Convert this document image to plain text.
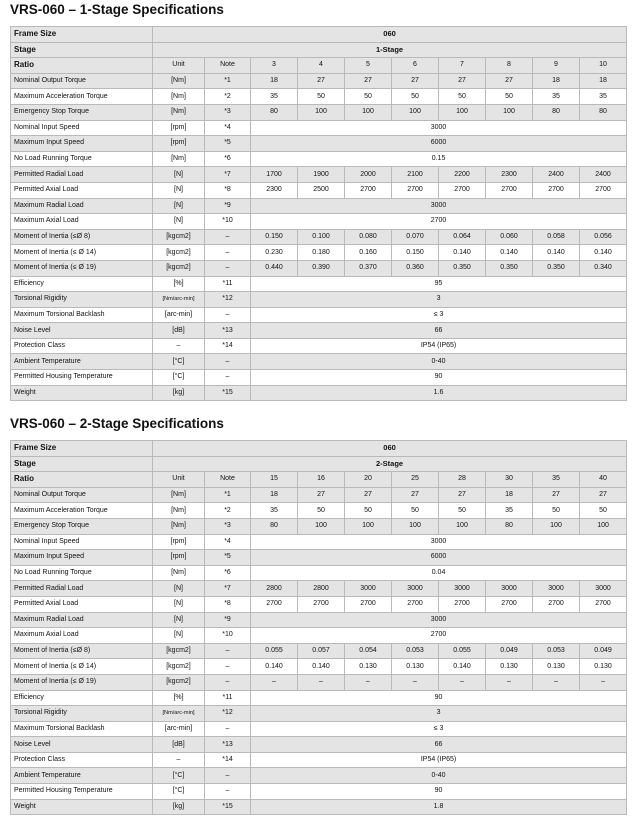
VRS-060 – 1-Stage Specifications
Frame Size	060									
Stage	1-Stage									
Ratio	Unit	Note	3	4	5	6	7	8	9	10
Nominal Output Torque	[Nm]	*1	18	27	27	27	27	27	18	18
Maximum Acceleration Torque	[Nm]	*2	35	50	50	50	50	50	35	35
Emergency Stop Torque	[Nm]	*3	80	100	100	100	100	100	80	80
Nominal Input Speed	[rpm]	*4	3000							
Maximum Input Speed	[rpm]	*5	6000							
No Load Running Torque	[Nm]	*6	0.15							
Permitted Radial Load	[N]	*7	1700	1900	2000	2100	2200	2300	2400	2400
Permitted Axial Load	[N]	*8	2300	2500	2700	2700	2700	2700	2700	2700
Maximum Radial Load	[N]	*9	3000							
Maximum Axial Load	[N]	*10	2700							
Moment of Inertia (≤Ø 8)	[kgcm2]	–	0.150	0.100	0.080	0.070	0.064	0.060	0.058	0.056
Moment of Inertia (≤ Ø 14)	[kgcm2]	–	0.230	0.180	0.160	0.150	0.140	0.140	0.140	0.140
Moment of Inertia (≤ Ø 19)	[kgcm2]	–	0.440	0.390	0.370	0.360	0.350	0.350	0.350	0.340
Efficiency	[%]	*11	95							
Torsional Rigidity	[Nm/arc-min]	*12	3							
Maximum Torsional Backlash	[arc-min]	–	≤ 3							
Noise Level	[dB]	*13	66							
Protection Class	–	*14	IP54 (IP65)							
Ambient Temperature	[°C]	–	0-40							
Permitted Housing Temperature	[°C]	–	90							
Weight	[kg]	*15	1.6							
VRS-060 – 2-Stage Specifications
Frame Size	060									
Stage	2-Stage									
Ratio	Unit	Note	15	16	20	25	28	30	35	40
Nominal Output Torque	[Nm]	*1	18	27	27	27	27	18	27	27
Maximum Acceleration Torque	[Nm]	*2	35	50	50	50	50	35	50	50
Emergency Stop Torque	[Nm]	*3	80	100	100	100	100	80	100	100
Nominal Input Speed	[rpm]	*4	3000							
Maximum Input Speed	[rpm]	*5	6000							
No Load Running Torque	[Nm]	*6	0.04							
Permitted Radial Load	[N]	*7	2800	2800	3000	3000	3000	3000	3000	3000
Permitted Axial Load	[N]	*8	2700	2700	2700	2700	2700	2700	2700	2700
Maximum Radial Load	[N]	*9	3000							
Maximum Axial Load	[N]	*10	2700							
Moment of Inertia (≤Ø 8)	[kgcm2]	–	0.055	0.057	0.054	0.053	0.055	0.049	0.053	0.049
Moment of Inertia (≤ Ø 14)	[kgcm2]	–	0.140	0.140	0.130	0.130	0.140	0.130	0.130	0.130
Moment of Inertia (≤ Ø 19)	[kgcm2]	–	–	–	–	–	–	–	–	–
Efficiency	[%]	*11	90							
Torsional Rigidity	[Nm/arc-min]	*12	3							
Maximum Torsional Backlash	[arc-min]	–	≤ 3							
Noise Level	[dB]	*13	66							
Protection Class	–	*14	IP54 (IP65)							
Ambient Temperature	[°C]	–	0-40							
Permitted Housing Temperature	[°C]	–	90							
Weight	[kg]	*15	1.8							
